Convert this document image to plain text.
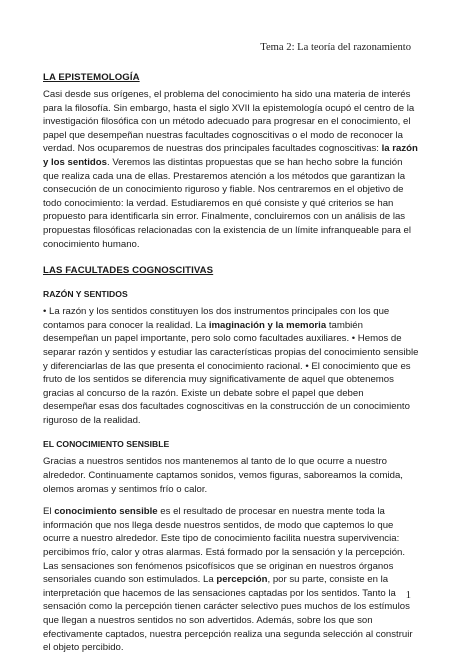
Tema 2: La teoría del razonamiento
LA EPISTEMOLOGÍA

Casi desde sus orígenes, el problema del conocimiento ha sido una materia de interés para la filosofía. Sin embargo, hasta el siglo XVII la epistemología ocupó el centro de la investigación filosófica con un método adecuado para progresar en el conocimiento, el papel que desempeñan nuestras facultades cognoscitivas o el modo de reconocer la verdad. Nos ocuparemos de nuestras dos principales facultades cognoscitivas: la razón y los sentidos. Veremos las distintas propuestas que se han hecho sobre la función que realiza cada una de ellas. Prestaremos atención a los métodos que garantizan la consecución de un conocimiento riguroso y fiable. Nos centraremos en el objetivo de todo conocimiento: la verdad. Estudiaremos en qué consiste y qué criterios se han propuesto para identificarla sin error. Finalmente, concluiremos con un análisis de las propuestas filosóficas relacionadas con la existencia de un límite infranqueable para el conocimiento humano.

LAS FACULTADES COGNOSCITIVAS
RAZÓN Y SENTIDOS

• La razón y los sentidos constituyen los dos instrumentos principales con los que contamos para conocer la realidad. La imaginación y la memoria también desempeñan un papel importante, pero solo como facultades auxiliares. • Hemos de separar razón y sentidos y estudiar las características propias del conocimiento sensible y diferenciarlas de las que presenta el conocimiento racional. • El conocimiento que es fruto de los sentidos se diferencia muy significativamente de aquel que obtenemos gracias al concurso de la razón. Existe un debate sobre el papel que deben desempeñar esas dos facultades cognoscitivas en la construcción de un conocimiento riguroso de la realidad.

EL CONOCIMIENTO SENSIBLE

Gracias a nuestros sentidos nos mantenemos al tanto de lo que ocurre a nuestro alrededor. Continuamente captamos sonidos, vemos figuras, saboreamos la comida, olemos aromas y sentimos frío o calor.

El conocimiento sensible es el resultado de procesar en nuestra mente toda la información que nos llega desde nuestros sentidos, de modo que captemos lo que ocurre a nuestro alrededor. Este tipo de conocimiento facilita nuestra supervivencia: percibimos frío, calor y otras alarmas. Está formado por la sensación y la percepción. Las sensaciones son fenómenos psicofísicos que se originan en nuestros órganos sensoriales cuando son estimulados. La percepción, por su parte, consiste en la interpretación que hacemos de las sensaciones captadas por los sentidos. Tanto la sensación como la percepción tienen carácter selectivo pues muchos de los estímulos que llegan a nuestros sentidos no son advertidos. Además, sobre los que son efectivamente captados, nuestra percepción realiza una segunda selección al construir el objeto percibido.

1
